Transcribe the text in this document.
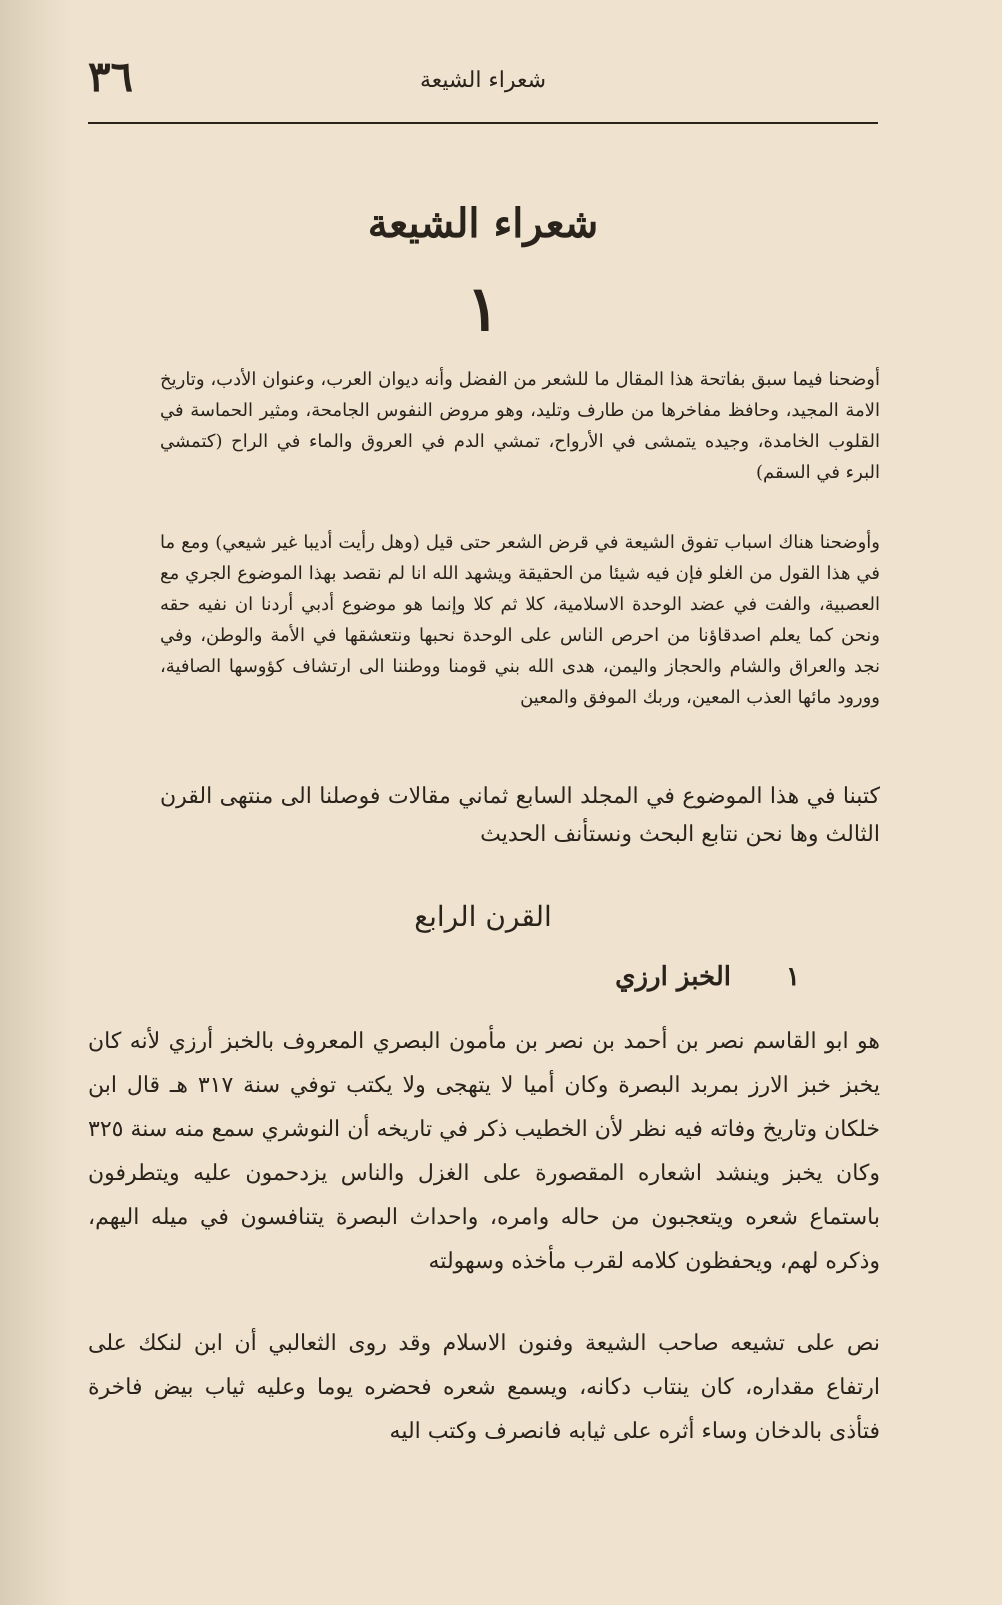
٣٦	شعراء الشيعة
شعراء الشيعة
١

أوضحنا فيما سبق بفاتحة هذا المقال ما للشعر من الفضل وأنه ديوان العرب، وعنوان الأدب، وتاريخ الامة المجيد، وحافظ مفاخرها من طارف وتليد، وهو مروض النفوس الجامحة، ومثير الحماسة في القلوب الخامدة، وجيده يتمشى في الأرواح، تمشي الدم في العروق والماء في الراح (كتمشي البرء في السقم)

وأوضحنا هناك اسباب تفوق الشيعة في قرض الشعر حتى قيل (وهل رأيت أديبا غير شيعي) ومع ما في هذا القول من الغلو فإن فيه شيئا من الحقيقة ويشهد الله انا لم نقصد بهذا الموضوع الجري مع العصبية، والفت في عضد الوحدة الاسلامية، كلا ثم كلا وإنما هو موضوع أدبي أردنا ان نفيه حقه ونحن كما يعلم اصدقاؤنا من احرص الناس على الوحدة نحبها ونتعشقها في الأمة والوطن، وفي نجد والعراق والشام والحجاز واليمن، هدى الله بني قومنا ووطننا الى ارتشاف كؤوسها الصافية، وورود مائها العذب المعين، وربك الموفق والمعين

كتبنا في هذا الموضوع في المجلد السابع ثماني مقالات فوصلنا الى منتهى القرن الثالث وها نحن نتابع البحث ونستأنف الحديث

القرن الرابع
١ الخبز ارزي

هو ابو القاسم نصر بن أحمد بن نصر بن مأمون البصري المعروف بالخبز أرزي لأنه كان يخبز خبز الارز بمربد البصرة وكان أميا لا يتهجى ولا يكتب توفي سنة ٣١٧ هـ قال ابن خلكان وتاريخ وفاته فيه نظر لأن الخطيب ذكر في تاريخه أن النوشري سمع منه سنة ٣٢٥ وكان يخبز وينشد اشعاره المقصورة على الغزل والناس يزدحمون عليه ويتطرفون باستماع شعره ويتعجبون من حاله وامره، واحداث البصرة يتنافسون في ميله اليهم، وذكره لهم، ويحفظون كلامه لقرب مأخذه وسهولته

نص على تشيعه صاحب الشيعة وفنون الاسلام وقد روى الثعالبي أن ابن لنكك على ارتفاع مقداره، كان ينتاب دكانه، ويسمع شعره فحضره يوما وعليه ثياب بيض فاخرة فتأذى بالدخان وساء أثره على ثيابه فانصرف وكتب اليه
